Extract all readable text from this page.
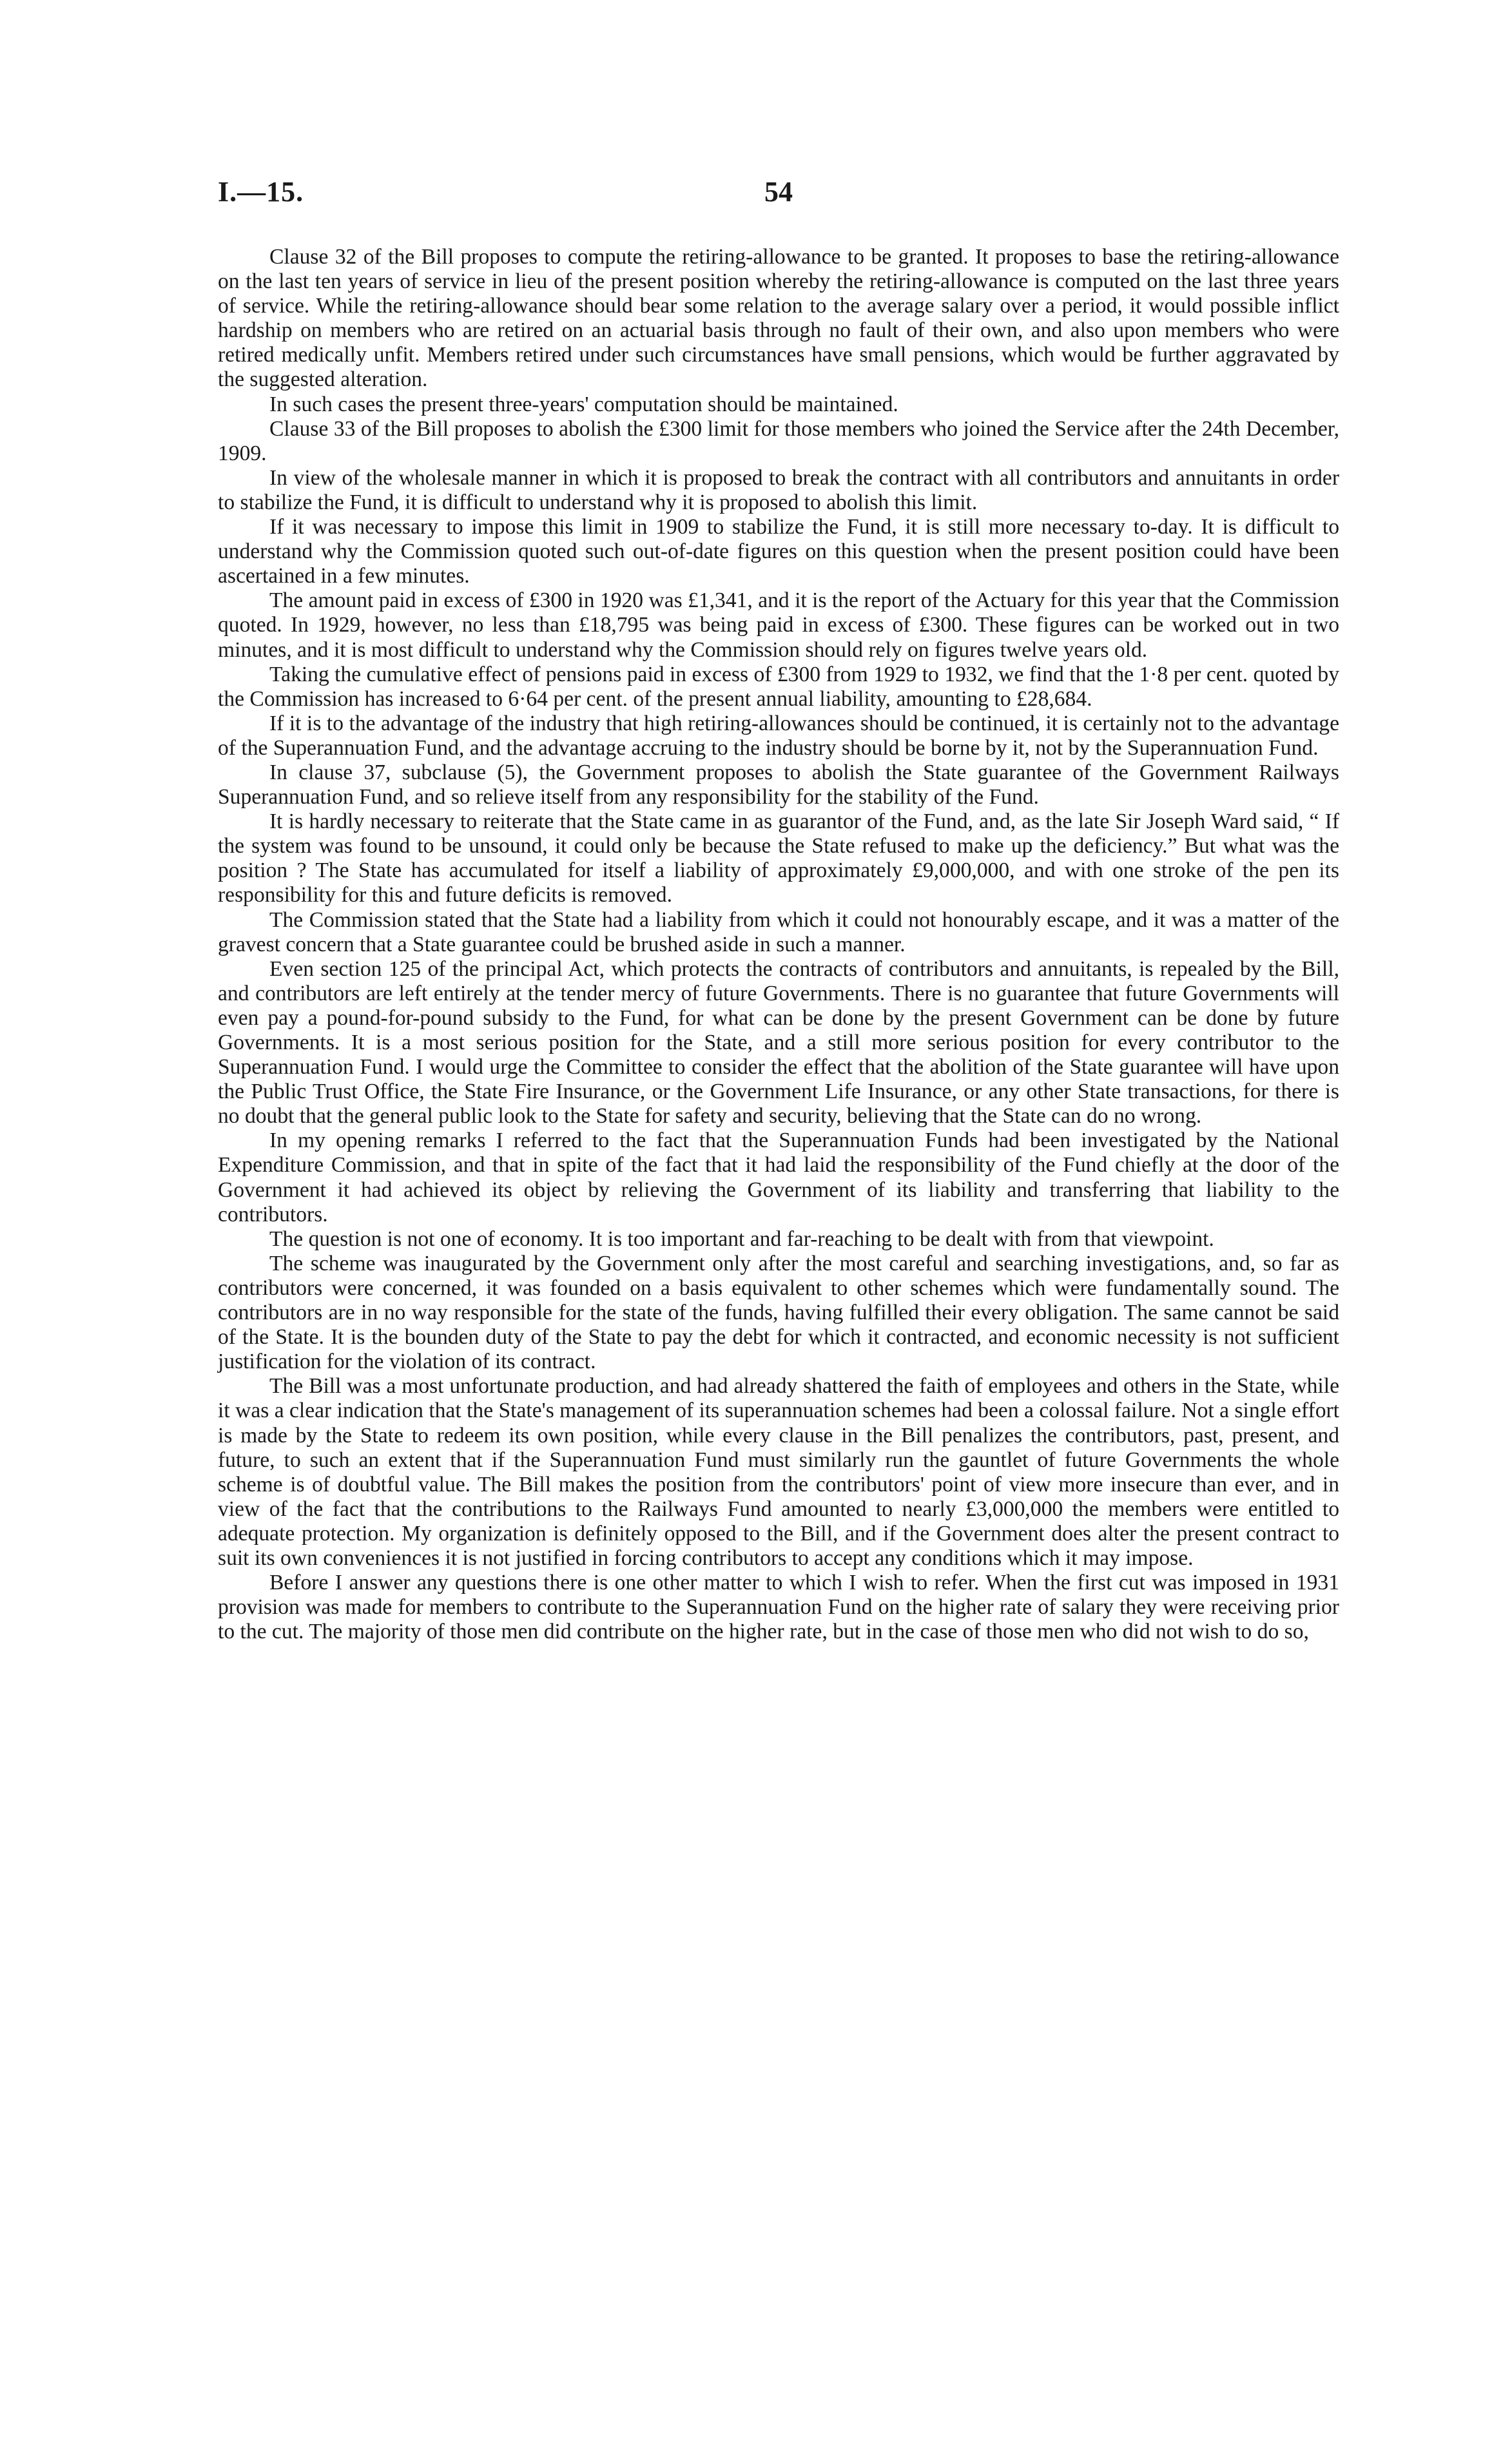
I.—15.	54

Clause 32 of the Bill proposes to compute the retiring-allowance to be granted. It proposes to base the retiring-allowance on the last ten years of service in lieu of the present position whereby the retiring-allowance is computed on the last three years of service. While the retiring-allowance should bear some relation to the average salary over a period, it would possible inflict hardship on members who are retired on an actuarial basis through no fault of their own, and also upon members who were retired medically unfit. Members retired under such circumstances have small pensions, which would be further aggravated by the suggested alteration.

In such cases the present three-years' computation should be maintained.

Clause 33 of the Bill proposes to abolish the £300 limit for those members who joined the Service after the 24th December, 1909.

In view of the wholesale manner in which it is proposed to break the contract with all contributors and annuitants in order to stabilize the Fund, it is difficult to understand why it is proposed to abolish this limit.

If it was necessary to impose this limit in 1909 to stabilize the Fund, it is still more necessary to-day. It is difficult to understand why the Commission quoted such out-of-date figures on this question when the present position could have been ascertained in a few minutes.

The amount paid in excess of £300 in 1920 was £1,341, and it is the report of the Actuary for this year that the Commission quoted. In 1929, however, no less than £18,795 was being paid in excess of £300. These figures can be worked out in two minutes, and it is most difficult to understand why the Commission should rely on figures twelve years old.

Taking the cumulative effect of pensions paid in excess of £300 from 1929 to 1932, we find that the 1·8 per cent. quoted by the Commission has increased to 6·64 per cent. of the present annual liability, amounting to £28,684.

If it is to the advantage of the industry that high retiring-allowances should be continued, it is certainly not to the advantage of the Superannuation Fund, and the advantage accruing to the industry should be borne by it, not by the Superannuation Fund.

In clause 37, subclause (5), the Government proposes to abolish the State guarantee of the Government Railways Superannuation Fund, and so relieve itself from any responsibility for the stability of the Fund.

It is hardly necessary to reiterate that the State came in as guarantor of the Fund, and, as the late Sir Joseph Ward said, “ If the system was found to be unsound, it could only be because the State refused to make up the deficiency.” But what was the position ? The State has accumulated for itself a liability of approximately £9,000,000, and with one stroke of the pen its responsibility for this and future deficits is removed.

The Commission stated that the State had a liability from which it could not honourably escape, and it was a matter of the gravest concern that a State guarantee could be brushed aside in such a manner.

Even section 125 of the principal Act, which protects the contracts of contributors and annuitants, is repealed by the Bill, and contributors are left entirely at the tender mercy of future Governments. There is no guarantee that future Governments will even pay a pound-for-pound subsidy to the Fund, for what can be done by the present Government can be done by future Governments. It is a most serious position for the State, and a still more serious position for every contributor to the Superannuation Fund. I would urge the Committee to consider the effect that the abolition of the State guarantee will have upon the Public Trust Office, the State Fire Insurance, or the Government Life Insurance, or any other State transactions, for there is no doubt that the general public look to the State for safety and security, believing that the State can do no wrong.

In my opening remarks I referred to the fact that the Superannuation Funds had been investigated by the National Expenditure Commission, and that in spite of the fact that it had laid the responsibility of the Fund chiefly at the door of the Government it had achieved its object by relieving the Government of its liability and transferring that liability to the contributors.

The question is not one of economy. It is too important and far-reaching to be dealt with from that viewpoint.

The scheme was inaugurated by the Government only after the most careful and searching investigations, and, so far as contributors were concerned, it was founded on a basis equivalent to other schemes which were fundamentally sound. The contributors are in no way responsible for the state of the funds, having fulfilled their every obligation. The same cannot be said of the State. It is the bounden duty of the State to pay the debt for which it contracted, and economic necessity is not sufficient justification for the violation of its contract.

The Bill was a most unfortunate production, and had already shattered the faith of employees and others in the State, while it was a clear indication that the State's management of its superannuation schemes had been a colossal failure. Not a single effort is made by the State to redeem its own position, while every clause in the Bill penalizes the contributors, past, present, and future, to such an extent that if the Superannuation Fund must similarly run the gauntlet of future Governments the whole scheme is of doubtful value. The Bill makes the position from the contributors' point of view more insecure than ever, and in view of the fact that the contributions to the Railways Fund amounted to nearly £3,000,000 the members were entitled to adequate protection. My organization is definitely opposed to the Bill, and if the Government does alter the present contract to suit its own conveniences it is not justified in forcing contributors to accept any conditions which it may impose.

Before I answer any questions there is one other matter to which I wish to refer. When the first cut was imposed in 1931 provision was made for members to contribute to the Superannuation Fund on the higher rate of salary they were receiving prior to the cut. The majority of those men did contribute on the higher rate, but in the case of those men who did not wish to do so,
